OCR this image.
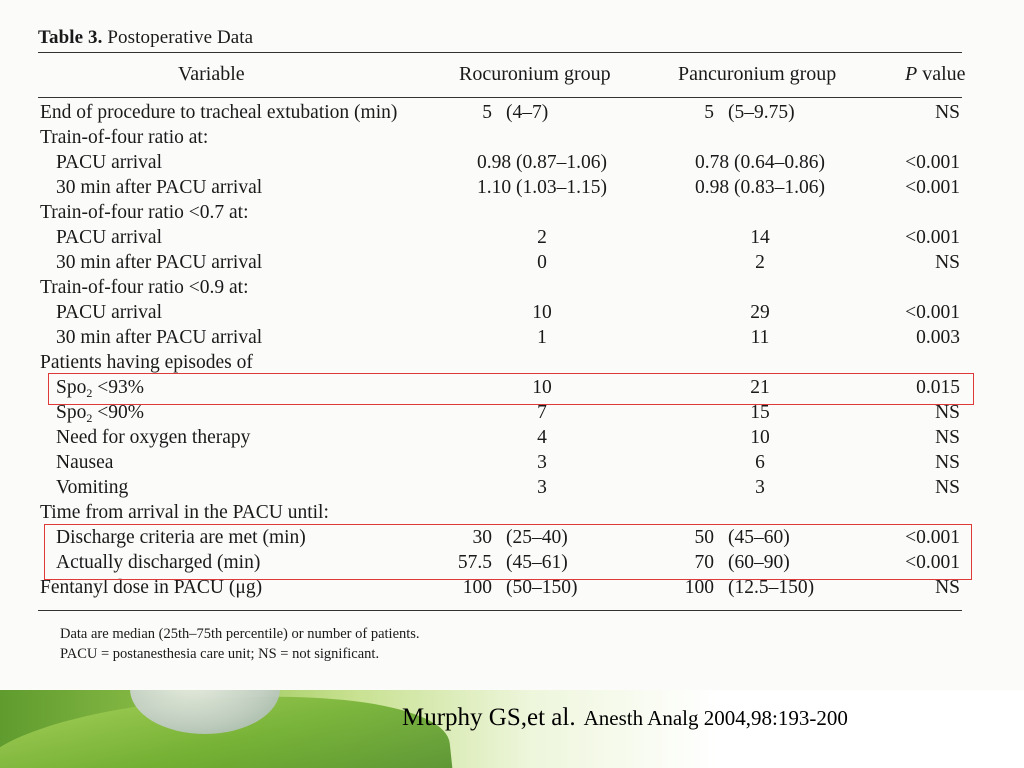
Table 3. Postoperative Data
Variable	Rocuronium group	Pancuronium group	P value
End of procedure to tracheal extubation (min)	5 (4–7)	5 (5–9.75)	NS
Train-of-four ratio at:
PACU arrival	0.98 (0.87–1.06)	0.78 (0.64–0.86)	<0.001
30 min after PACU arrival	1.10 (1.03–1.15)	0.98 (0.83–1.06)	<0.001
Train-of-four ratio <0.7 at:
PACU arrival	2	14	<0.001
30 min after PACU arrival	0	2	NS
Train-of-four ratio <0.9 at:
PACU arrival	10	29	<0.001
30 min after PACU arrival	1	11	0.003
Patients having episodes of
Spo$_2$ <93%	10	21	0.015
Spo$_2$ <90%	7	15	NS
Need for oxygen therapy	4	10	NS
Nausea	3	6	NS
Vomiting	3	3	NS
Time from arrival in the PACU until:
Discharge criteria are met (min)	30 (25–40)	50 (45–60)	<0.001
Actually discharged (min)	57.5 (45–61)	70 (60–90)	<0.001
Fentanyl dose in PACU (μg)	100 (50–150)	100 (12.5–150)	NS
Data are median (25th–75th percentile) or number of patients.
PACU = postanesthesia care unit; NS = not significant.
Murphy GS,et al. Anesth Analg 2004,98:193-200
